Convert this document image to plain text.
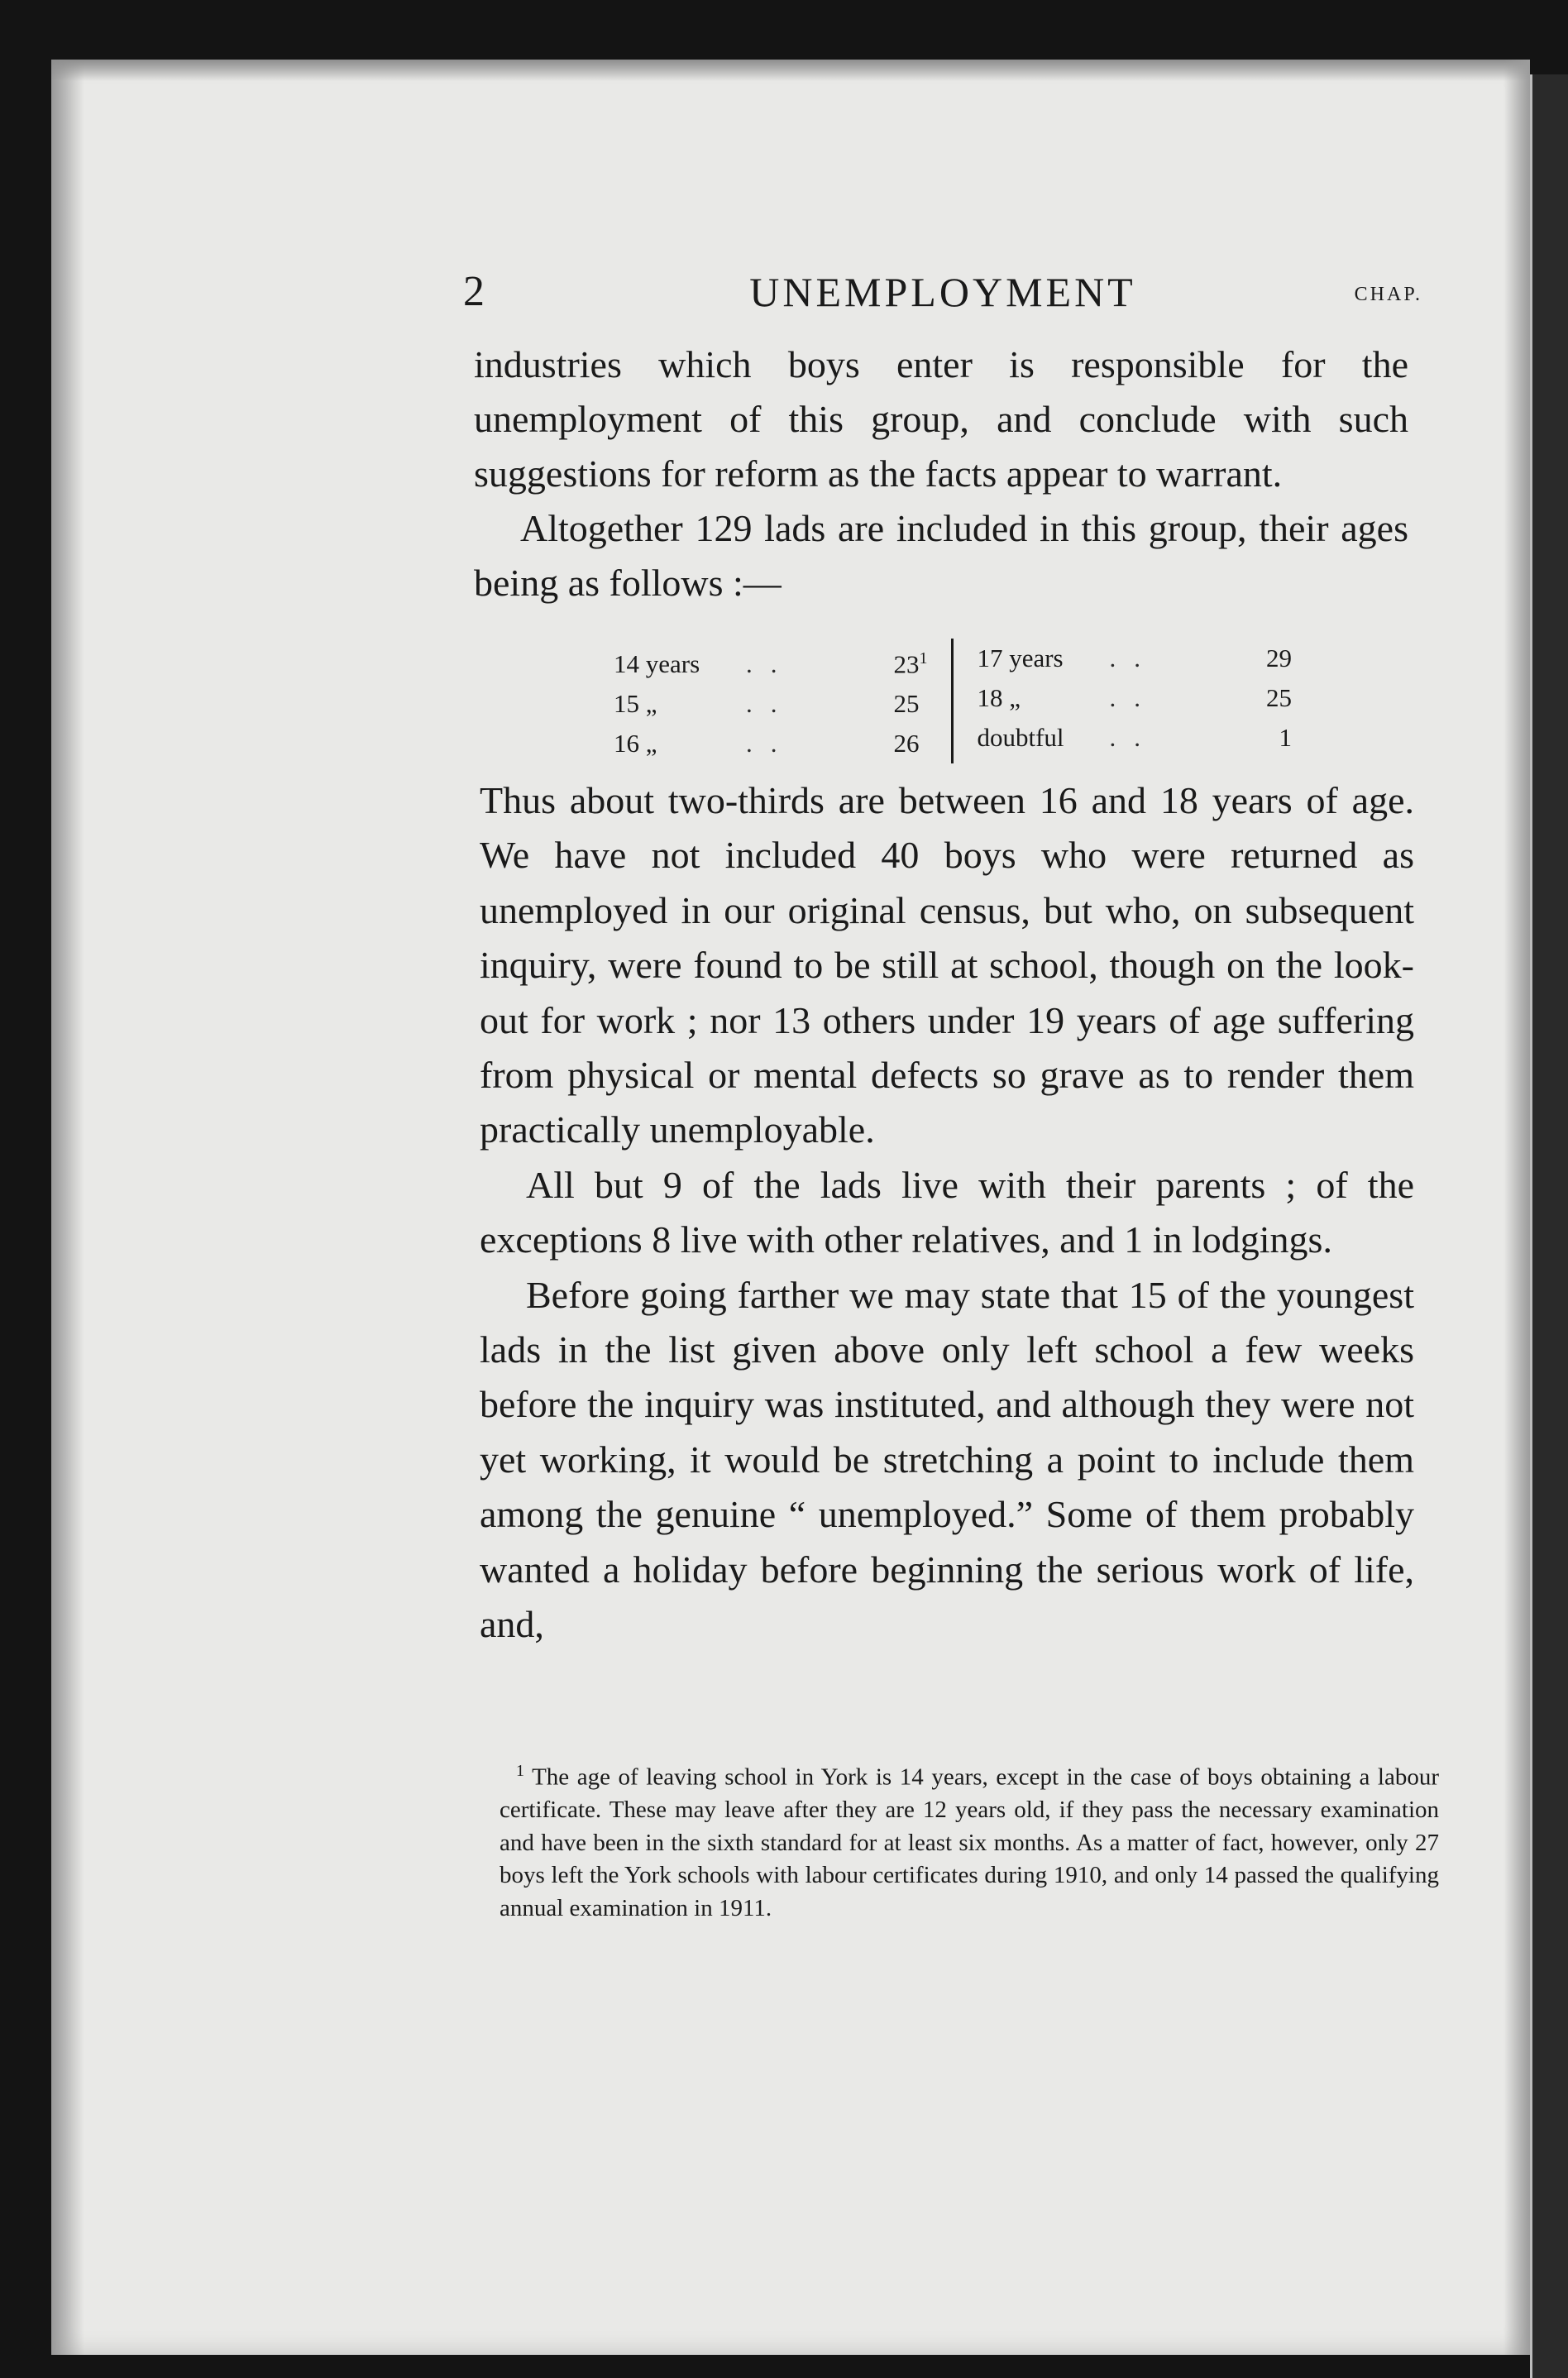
2	UNEMPLOYMENT	CHAP.

industries which boys enter is responsible for the unemployment of this group, and conclude with such suggestions for reform as the facts appear to warrant.

Altogether 129 lads are included in this group, their ages being as follows :—

14 years	..	$23^1$
15 „	..	25
16 „	..	26
17 years	..	29
18 „	..	25
doubtful	..	1

Thus about two-thirds are between 16 and 18 years of age. We have not included 40 boys who were returned as unemployed in our original census, but who, on subsequent inquiry, were found to be still at school, though on the look-out for work ; nor 13 others under 19 years of age suffering from physical or mental defects so grave as to render them practically unemployable.

All but 9 of the lads live with their parents ; of the exceptions 8 live with other relatives, and 1 in lodgings.

Before going farther we may state that 15 of the youngest lads in the list given above only left school a few weeks before the inquiry was instituted, and although they were not yet working, it would be stretching a point to include them among the genuine “ unemployed.” Some of them probably wanted a holiday before beginning the serious work of life, and,

$^1$ The age of leaving school in York is 14 years, except in the case of boys obtaining a labour certificate. These may leave after they are 12 years old, if they pass the necessary examination and have been in the sixth standard for at least six months. As a matter of fact, however, only 27 boys left the York schools with labour certificates during 1910, and only 14 passed the qualifying annual examination in 1911.
